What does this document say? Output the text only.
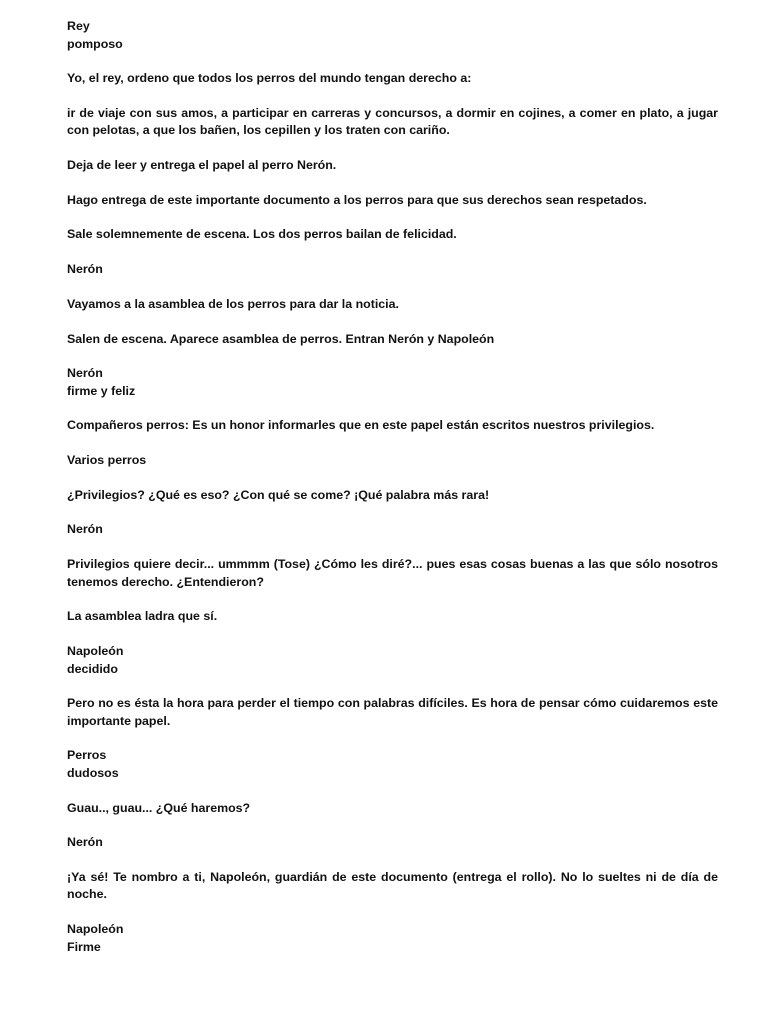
Rey
pomposo
Yo, el rey, ordeno que todos los perros del mundo tengan derecho a:
ir de viaje con sus amos, a participar en carreras y concursos, a dormir en cojines, a comer en plato, a jugar con pelotas, a que los bañen, los cepillen y los traten con cariño.
Deja de leer y entrega el papel al perro Nerón.
Hago entrega de este importante documento a los perros para que sus derechos sean respetados.
Sale solemnemente de escena. Los dos perros bailan de felicidad.
Nerón
Vayamos a la asamblea de los perros para dar la noticia.
Salen de escena. Aparece asamblea de perros. Entran Nerón y Napoleón
Nerón
firme y feliz
Compañeros perros: Es un honor informarles que en este papel están escritos nuestros privilegios.
Varios perros
¿Privilegios? ¿Qué es eso? ¿Con qué se come? ¡Qué palabra más rara!
Nerón
Privilegios quiere decir... ummmm (Tose) ¿Cómo les diré?... pues esas cosas buenas a las que sólo nosotros tenemos derecho. ¿Entendieron?
La asamblea ladra que sí.
Napoleón
decidido
Pero no es ésta la hora para perder el tiempo con palabras difíciles. Es hora de pensar cómo cuidaremos este importante papel.
Perros
dudosos
Guau.., guau... ¿Qué haremos?
Nerón
¡Ya sé! Te nombro a ti, Napoleón, guardián de este documento (entrega el rollo). No lo sueltes ni de día de noche.
Napoleón
Firme
